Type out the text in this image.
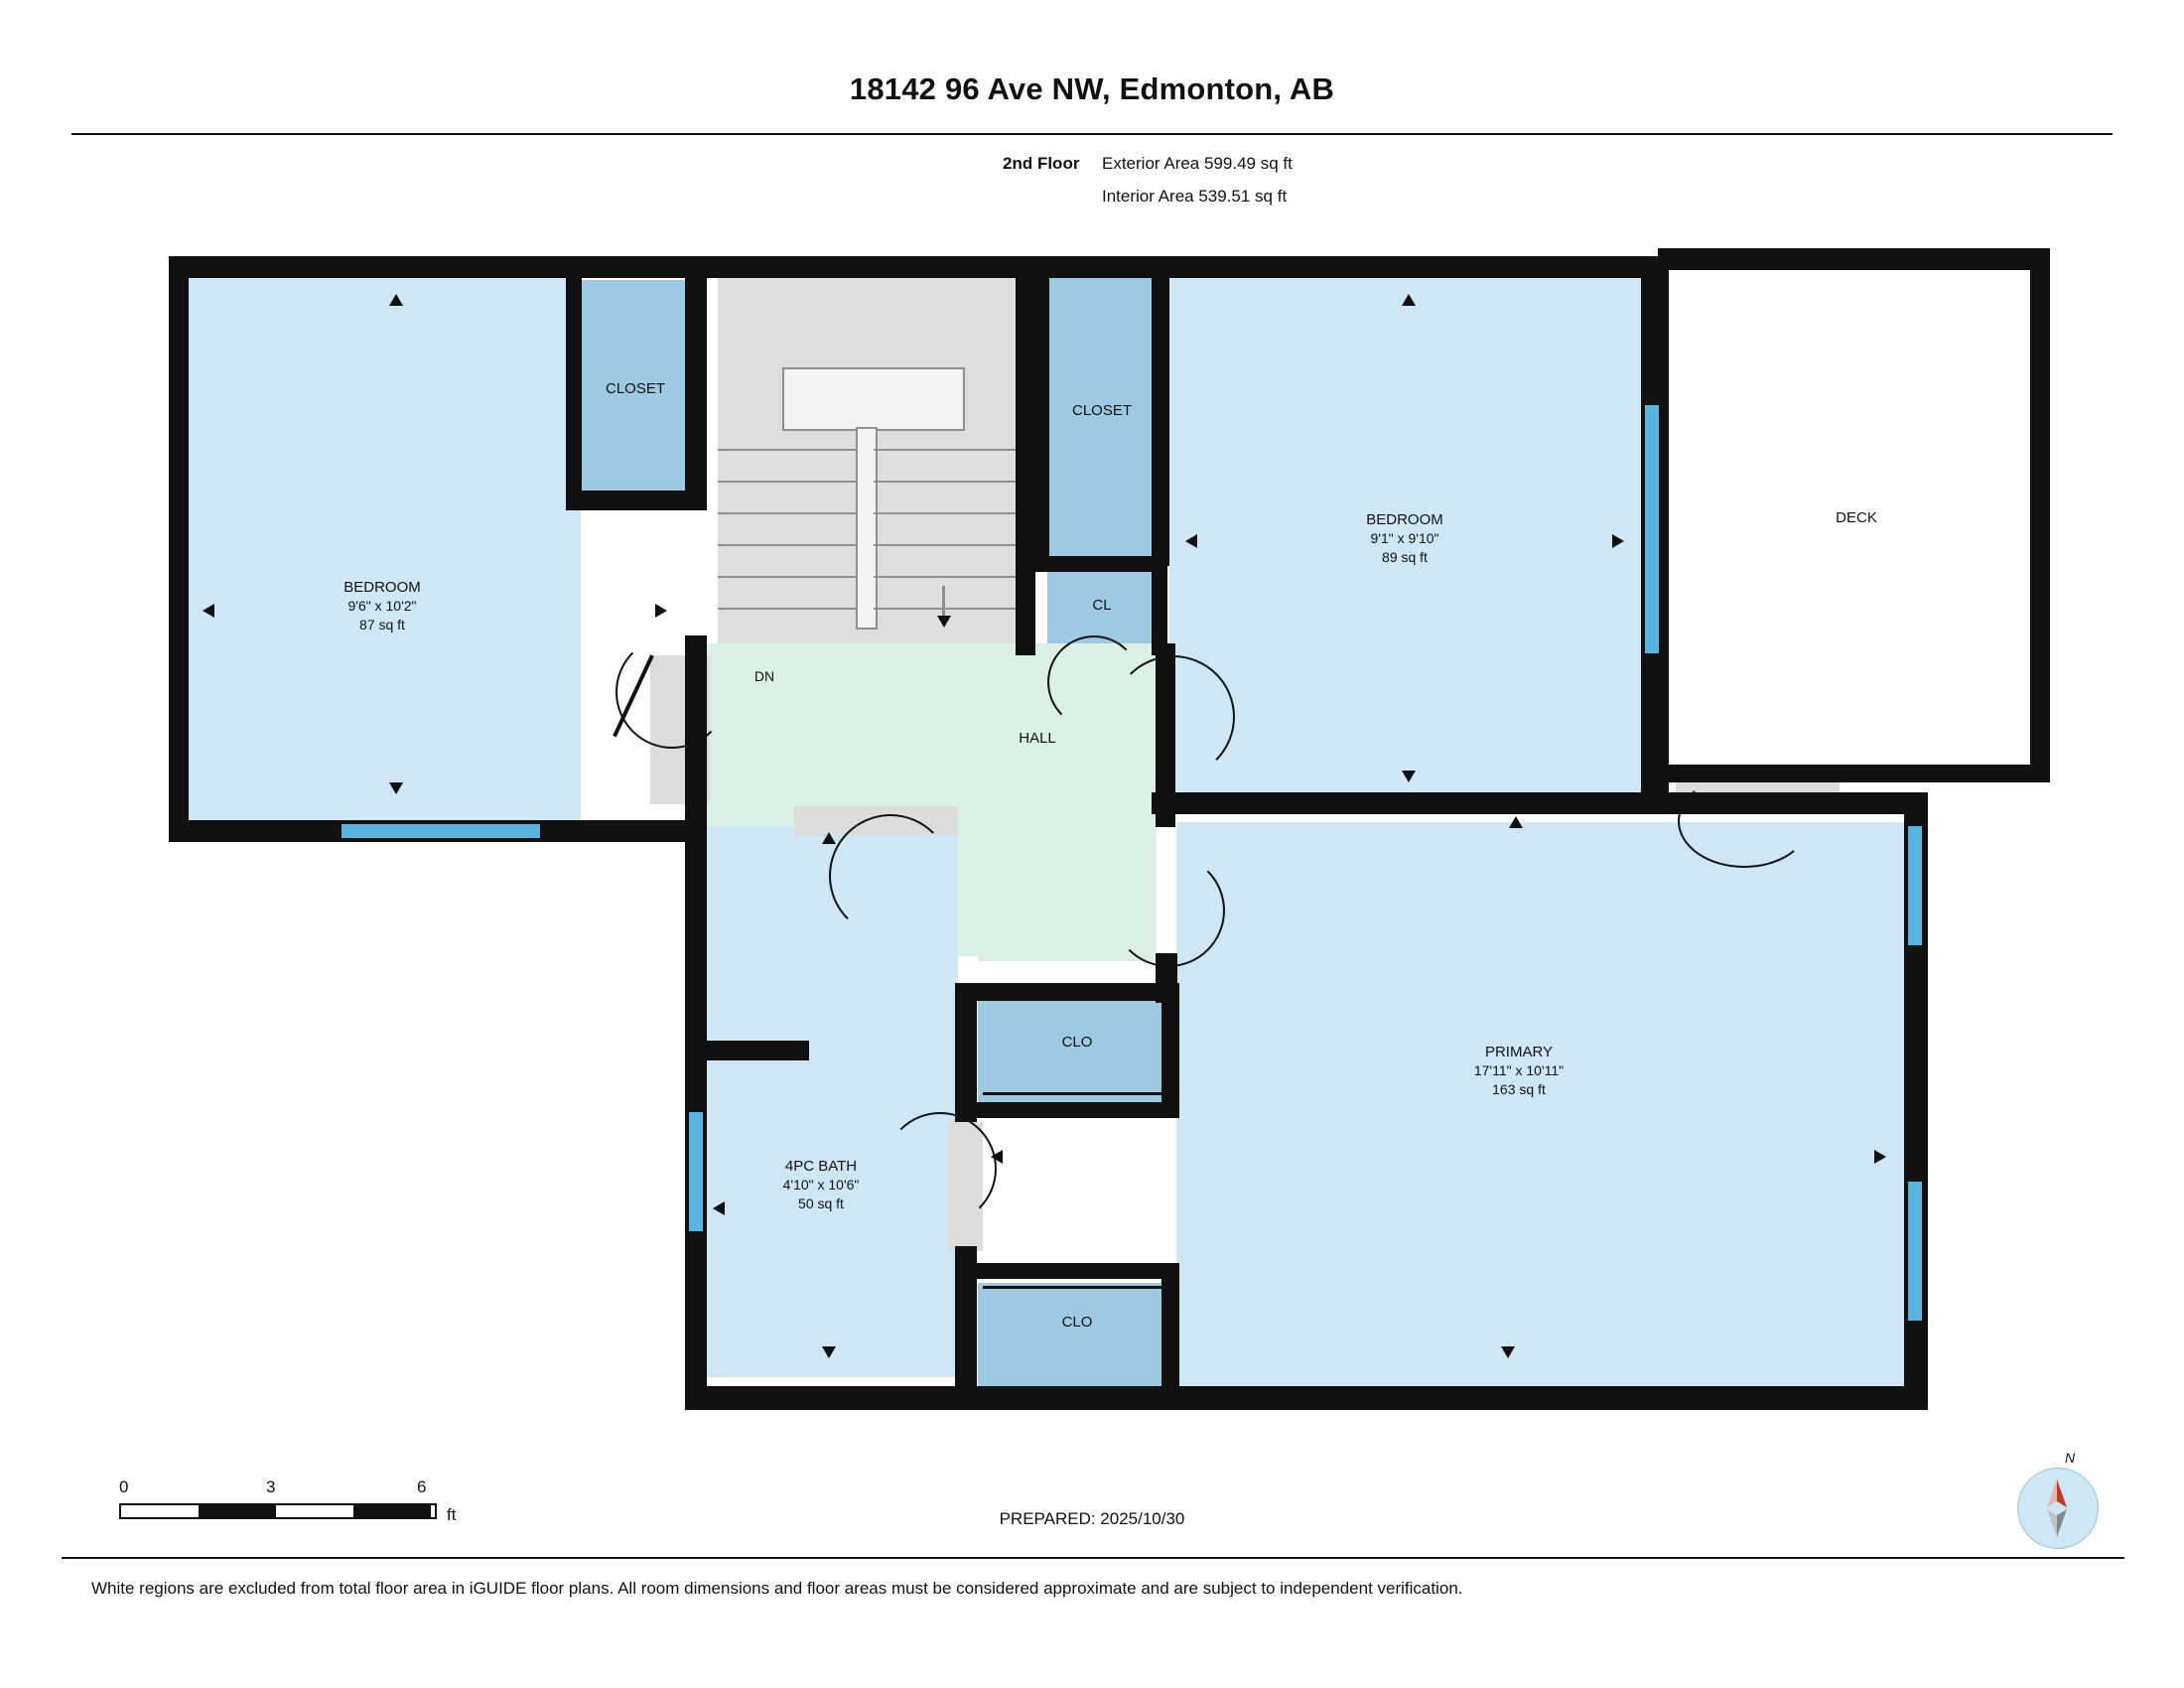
18142 96 Ave NW, Edmonton, AB
2nd Floor	Exterior Area 599.49 sq ft
Interior Area 539.51 sq ft
BEDROOM
9'6" x 10'2"
87 sq ft
CLOSET
CLOSET
CL
BEDROOM
9'1" x 9'10"
89 sq ft
DECK
HALL
DN
PRIMARY
17'11" x 10'11"
163 sq ft
4PC BATH
4'10" x 10'6"
50 sq ft
CLO
CLO
0	3	6
ft	PREPARED: 2025/10/30
N
White regions are excluded from total floor area in iGUIDE floor plans. All room dimensions and floor areas must be considered approximate and are subject to independent verification.
